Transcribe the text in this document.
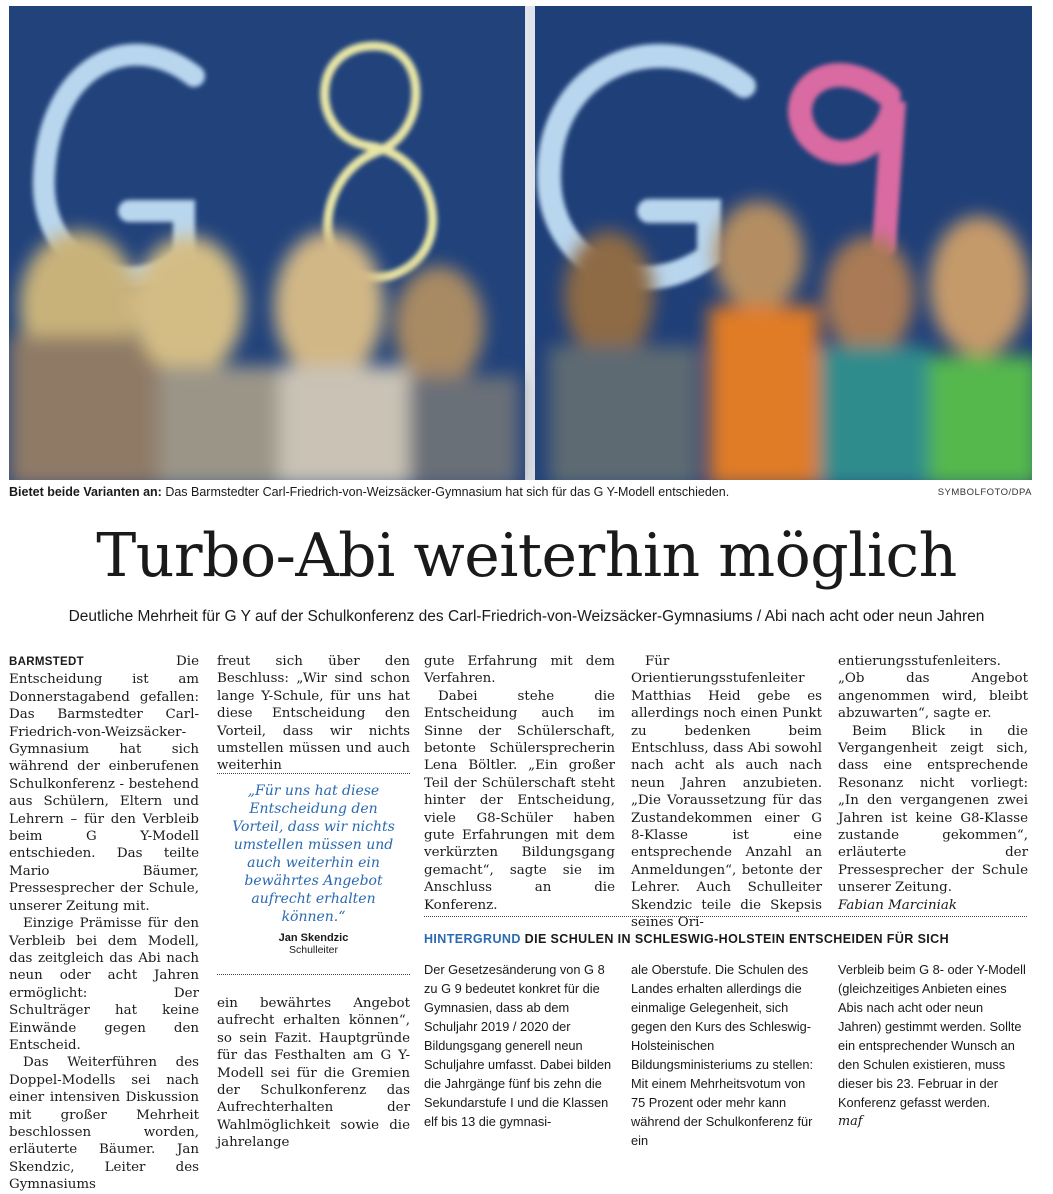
Bietet beide Varianten an: Das Barmstedter Carl-Friedrich-von-Weizsäcker-Gymnasium hat sich für das G Y-Modell entschieden.	SYMBOLFOTO/DPA
Turbo-Abi weiterhin möglich
Deutliche Mehrheit für G Y auf der Schulkonferenz des Carl-Friedrich-von-Weizsäcker-Gymnasiums / Abi nach acht oder neun Jahren

BARMSTEDT	Die Entscheidung ist am Donnerstagabend gefallen: Das Barmstedter Carl-Friedrich-von-Weizsäcker-Gymnasium hat sich während der einberufenen Schulkonferenz - bestehend aus Schülern, Eltern und Lehrern – für den Verbleib beim G Y-Modell entschieden. Das teilte Mario Bäumer, Pressesprecher der Schule, unserer Zeitung mit.

Einzige Prämisse für den Verbleib bei dem Modell, das zeitgleich das Abi nach neun oder acht Jahren ermöglicht: Der Schulträger hat keine Einwände gegen den Entscheid.

Das Weiterführen des Doppel-Modells sei nach einer intensiven Diskussion mit großer Mehrheit beschlossen worden, erläuterte Bäumer. Jan Skendzic, Leiter des Gymnasiums

freut sich über den Beschluss: „Wir sind schon lange Y-Schule, für uns hat diese Entscheidung den Vorteil, dass wir nichts umstellen müssen und auch weiterhin

„Für uns hat diese Entscheidung den Vorteil, dass wir nichts umstellen müssen und auch weiterhin ein bewährtes Angebot aufrecht erhalten können.“
Jan Skendzic
Schulleiter

ein bewährtes Angebot aufrecht erhalten können“, so sein Fazit. Hauptgründe für das Festhalten am G Y-Modell sei für die Gremien der Schulkonferenz das Aufrechterhalten der Wahlmöglichkeit sowie die jahrelange

gute Erfahrung mit dem Verfahren.

Dabei stehe die Entscheidung auch im Sinne der Schülerschaft, betonte Schülersprecherin Lena Böltler. „Ein großer Teil der Schülerschaft steht hinter der Entscheidung, viele G8-Schüler haben gute Erfahrungen mit dem verkürzten Bildungsgang gemacht“, sagte sie im Anschluss an die Konferenz.

Für Orientierungsstufenleiter Matthias Heid gebe es allerdings noch einen Punkt zu bedenken beim Entschluss, dass Abi sowohl nach acht als auch nach neun Jahren anzubieten. „Die Voraussetzung für das Zustandekommen einer G 8-Klasse ist eine entsprechende Anzahl an Anmeldungen“, betonte der Lehrer. Auch Schulleiter Skendzic teile die Skepsis seines Ori-

entierungsstufenleiters. „Ob das Angebot angenommen wird, bleibt abzuwarten“, sagte er.

Beim Blick in die Vergangenheit zeigt sich, dass eine entsprechende Resonanz nicht vorliegt: „In den vergangenen zwei Jahren ist keine G8-Klasse zustande gekommen“, erläuterte der Pressesprecher der Schule unserer Zeitung.

Fabian Marciniak

HINTERGRUND DIE SCHULEN IN SCHLESWIG-HOLSTEIN ENTSCHEIDEN FÜR SICH

Der Gesetzesänderung von G 8 zu G 9 bedeutet konkret für die Gymnasien, dass ab dem Schuljahr 2019 / 2020 der Bildungsgang generell neun Schuljahre umfasst. Dabei bilden die Jahrgänge fünf bis zehn die Sekundarstufe I und die Klassen elf bis 13 die gymnasi-

ale Oberstufe. Die Schulen des Landes erhalten allerdings die einmalige Gelegenheit, sich gegen den Kurs des Schleswig-Holsteinischen Bildungsministeriums zu stellen: Mit einem Mehrheitsvotum von 75 Prozent oder mehr kann während der Schulkonferenz für ein

Verbleib beim G 8- oder Y-Modell (gleichzeitiges Anbieten eines Abis nach acht oder neun Jahren) gestimmt werden. Sollte ein entsprechender Wunsch an den Schulen existieren, muss dieser bis 23. Februar in der Konferenz gefasst werden.

maf
